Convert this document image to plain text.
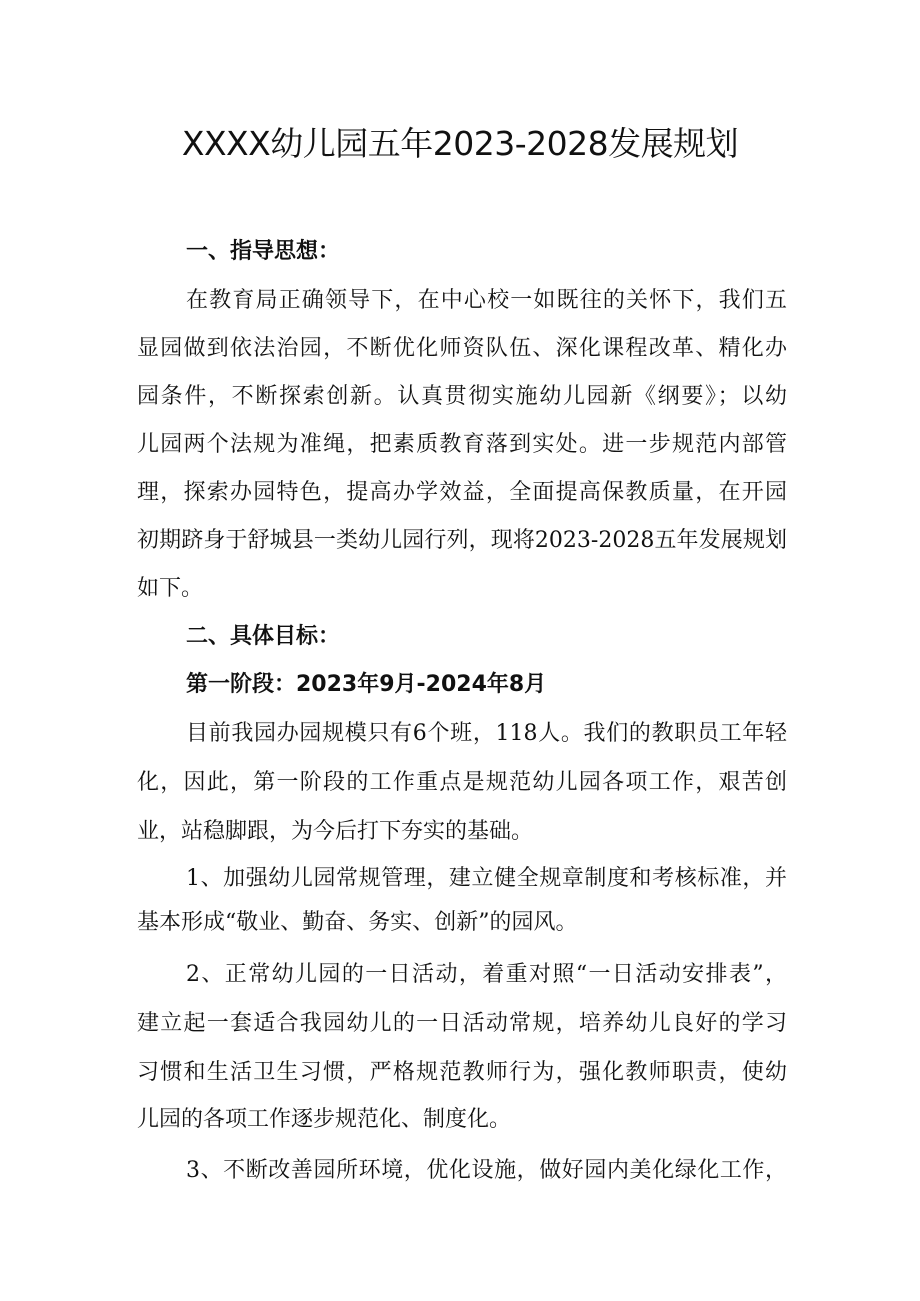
XXXX幼儿园五年2023-2028发展规划
一、指导思想：
在教育局正确领导下，在中心校一如既往的关怀下，我们五
显园做到依法治园，不断优化师资队伍、深化课程改革、精化办
园条件，不断探索创新。认真贯彻实施幼儿园新《纲要》；以幼
儿园两个法规为准绳，把素质教育落到实处。进一步规范内部管
理，探索办园特色，提高办学效益，全面提高保教质量，在开园
初期跻身于舒城县一类幼儿园行列，现将2023-2028五年发展规划
如下。
二、具体目标：
第一阶段：2023年9月-2024年8月
目前我园办园规模只有6个班，118人。我们的教职员工年轻
化，因此，第一阶段的工作重点是规范幼儿园各项工作，艰苦创
业，站稳脚跟，为今后打下夯实的基础。
1、加强幼儿园常规管理，建立健全规章制度和考核标准，并
基本形成“敬业、勤奋、务实、创新”的园风。
2、正常幼儿园的一日活动，着重对照“一日活动安排表”，
建立起一套适合我园幼儿的一日活动常规，培养幼儿良好的学习
习惯和生活卫生习惯，严格规范教师行为，强化教师职责，使幼
儿园的各项工作逐步规范化、制度化。
3、不断改善园所环境，优化设施，做好园内美化绿化工作，
